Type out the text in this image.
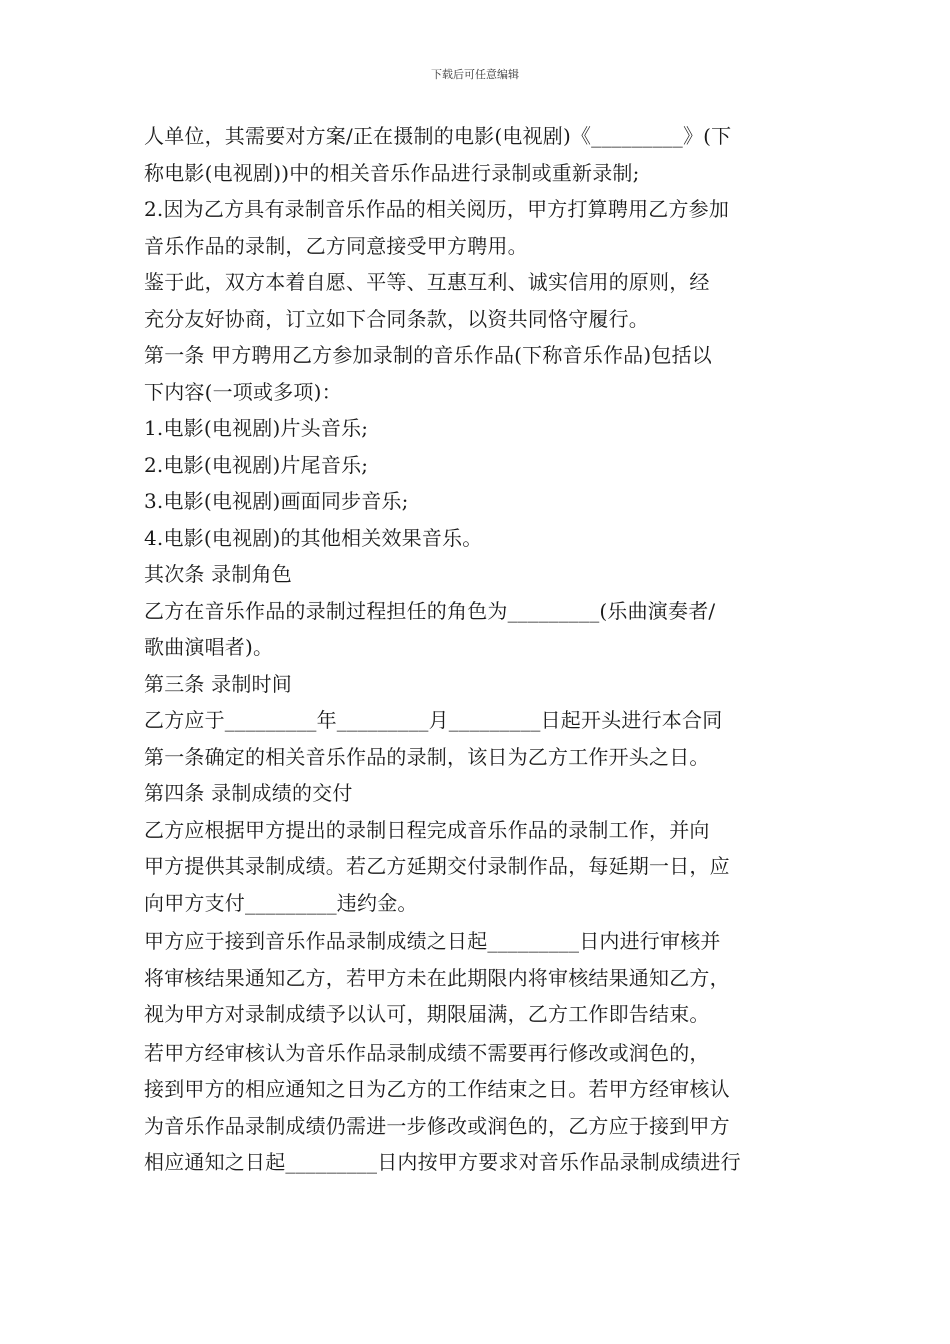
下载后可任意编辑

人单位，其需要对方案/正在摄制的电影(电视剧)《_________》(下

称电影(电视剧))中的相关音乐作品进行录制或重新录制;

2.因为乙方具有录制音乐作品的相关阅历，甲方打算聘用乙方参加

音乐作品的录制，乙方同意接受甲方聘用。

鉴于此，双方本着自愿、平等、互惠互利、诚实信用的原则，经

充分友好协商，订立如下合同条款，以资共同恪守履行。

第一条 甲方聘用乙方参加录制的音乐作品(下称音乐作品)包括以

下内容(一项或多项)：

1.电影(电视剧)片头音乐;

2.电影(电视剧)片尾音乐;

3.电影(电视剧)画面同步音乐;

4.电影(电视剧)的其他相关效果音乐。

其次条 录制角色

乙方在音乐作品的录制过程担任的角色为_________(乐曲演奏者/

歌曲演唱者)。

第三条 录制时间

乙方应于_________年_________月_________日起开头进行本合同

第一条确定的相关音乐作品的录制，该日为乙方工作开头之日。

第四条 录制成绩的交付

乙方应根据甲方提出的录制日程完成音乐作品的录制工作，并向

甲方提供其录制成绩。若乙方延期交付录制作品，每延期一日，应

向甲方支付_________违约金。

甲方应于接到音乐作品录制成绩之日起_________日内进行审核并

将审核结果通知乙方，若甲方未在此期限内将审核结果通知乙方，

视为甲方对录制成绩予以认可，期限届满，乙方工作即告结束。

若甲方经审核认为音乐作品录制成绩不需要再行修改或润色的，

接到甲方的相应通知之日为乙方的工作结束之日。若甲方经审核认

为音乐作品录制成绩仍需进一步修改或润色的，乙方应于接到甲方

相应通知之日起_________日内按甲方要求对音乐作品录制成绩进行
